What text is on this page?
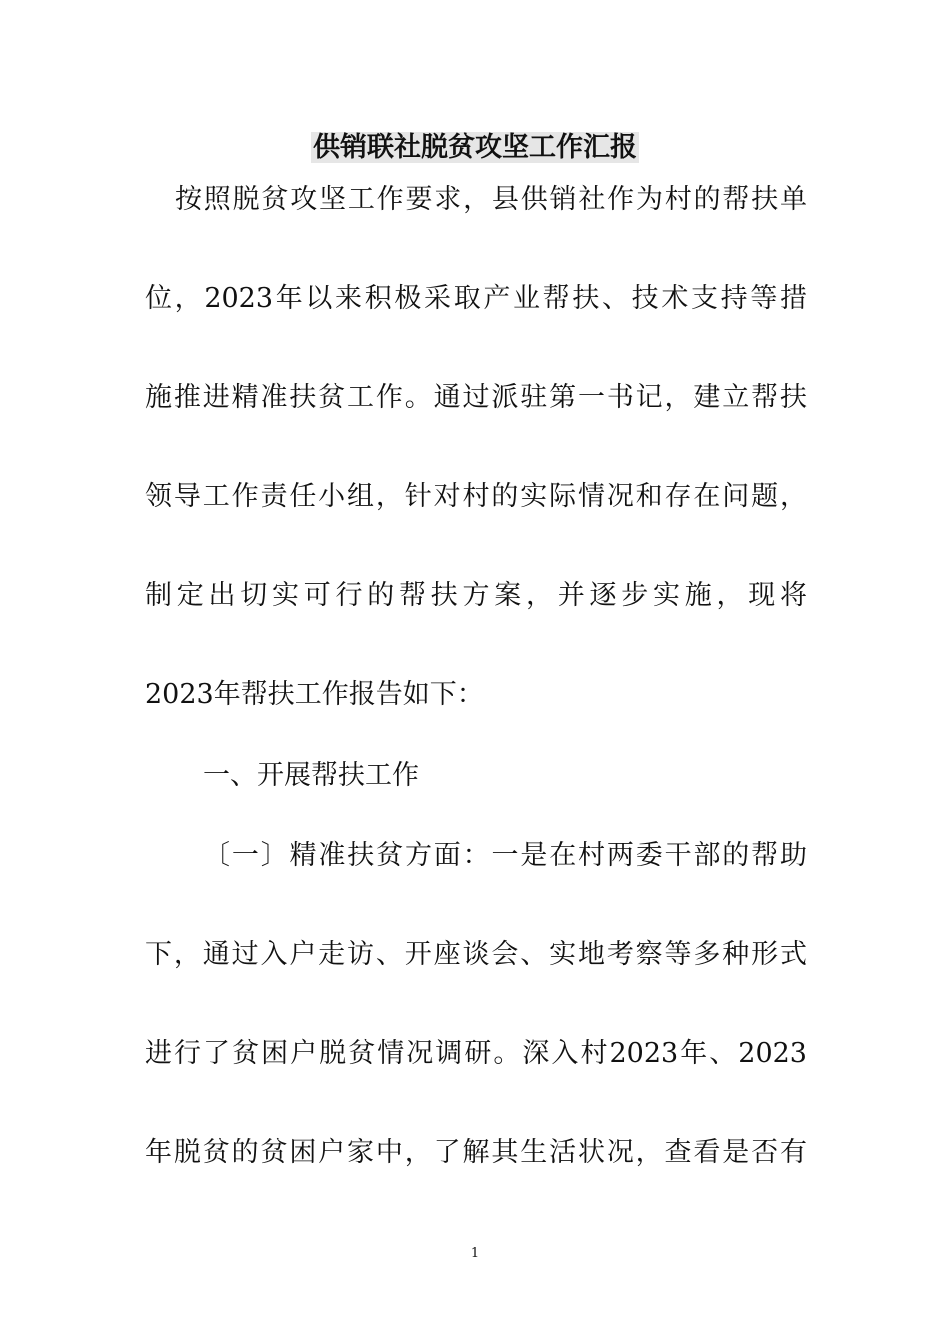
供销联社脱贫攻坚工作汇报
按照脱贫攻坚工作要求，县供销社作为村的帮扶单
位，2023年以来积极采取产业帮扶、技术支持等措
施推进精准扶贫工作。通过派驻第一书记，建立帮扶
领导工作责任小组，针对村的实际情况和存在问题，
制定出切实可行的帮扶方案，并逐步实施，现将
2023年帮扶工作报告如下：
一、开展帮扶工作
〔一〕精准扶贫方面：一是在村两委干部的帮助
下，通过入户走访、开座谈会、实地考察等多种形式
进行了贫困户脱贫情况调研。深入村2023年、2023
年脱贫的贫困户家中，了解其生活状况，查看是否有
1
